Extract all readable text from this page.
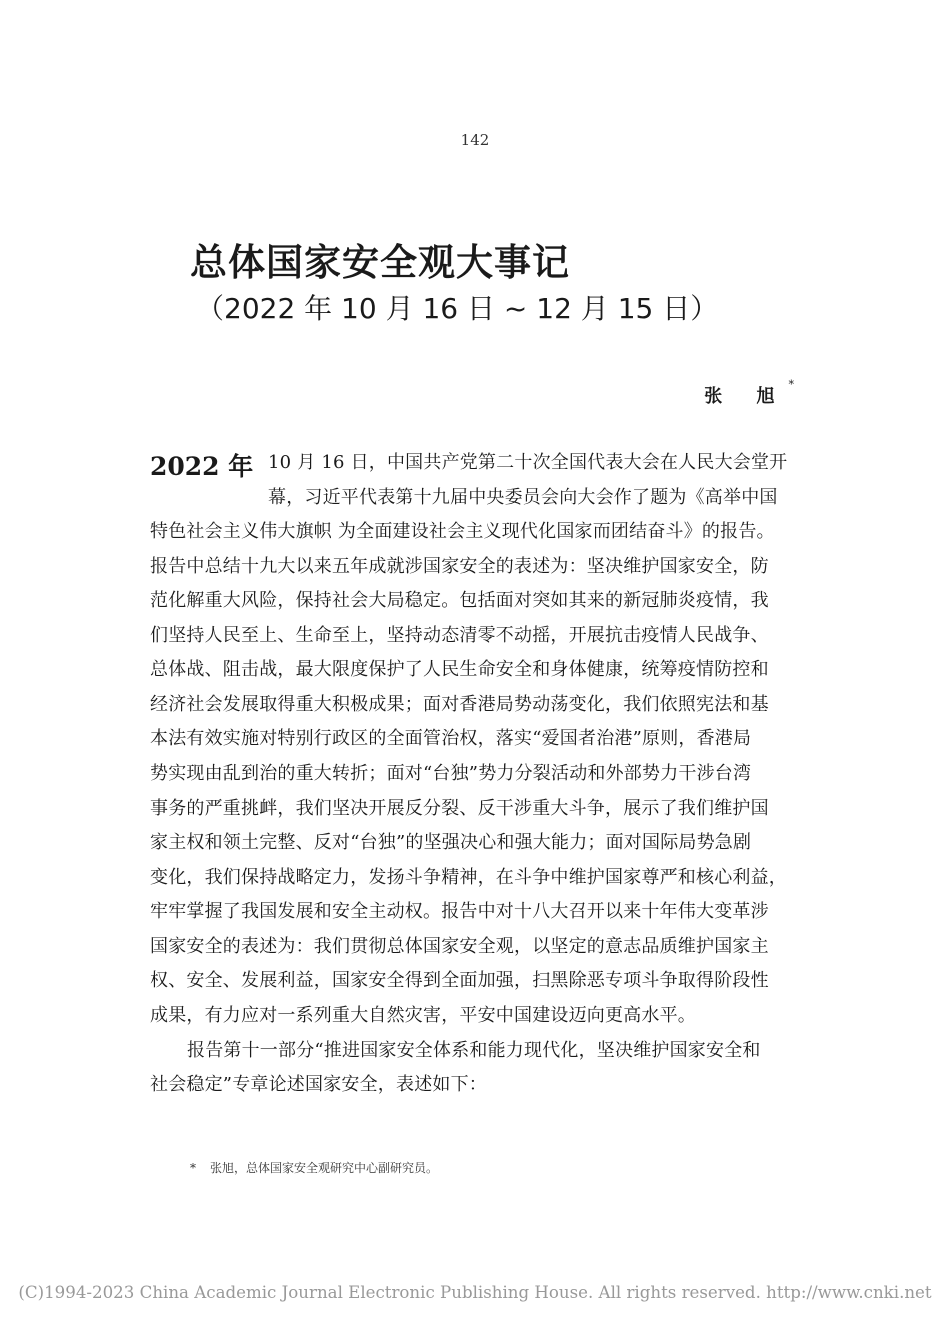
142
总体国家安全观大事记
（2022 年 10 月 16 日 ~ 12 月 15 日）
张 旭*
2022 年 10 月 16 日，中国共产党第二十次全国代表大会在人民大会堂开
幕，习近平代表第十九届中央委员会向大会作了题为《高举中国
特色社会主义伟大旗帜 为全面建设社会主义现代化国家而团结奋斗》的报告。
报告中总结十九大以来五年成就涉国家安全的表述为：坚决维护国家安全，防
范化解重大风险，保持社会大局稳定。包括面对突如其来的新冠肺炎疫情，我
们坚持人民至上、生命至上，坚持动态清零不动摇，开展抗击疫情人民战争、
总体战、阻击战，最大限度保护了人民生命安全和身体健康，统筹疫情防控和
经济社会发展取得重大积极成果；面对香港局势动荡变化，我们依照宪法和基
本法有效实施对特别行政区的全面管治权，落实“爱国者治港”原则，香港局
势实现由乱到治的重大转折；面对“台独”势力分裂活动和外部势力干涉台湾
事务的严重挑衅，我们坚决开展反分裂、反干涉重大斗争，展示了我们维护国
家主权和领土完整、反对“台独”的坚强决心和强大能力；面对国际局势急剧
变化，我们保持战略定力，发扬斗争精神，在斗争中维护国家尊严和核心利益，
牢牢掌握了我国发展和安全主动权。报告中对十八大召开以来十年伟大变革涉
国家安全的表述为：我们贯彻总体国家安全观，以坚定的意志品质维护国家主
权、安全、发展利益，国家安全得到全面加强，扫黑除恶专项斗争取得阶段性
成果，有力应对一系列重大自然灾害，平安中国建设迈向更高水平。
报告第十一部分“推进国家安全体系和能力现代化，坚决维护国家安全和
社会稳定”专章论述国家安全，表述如下：
* 张旭，总体国家安全观研究中心副研究员。
(C)1994-2023 China Academic Journal Electronic Publishing House. All rights reserved. http://www.cnki.net
